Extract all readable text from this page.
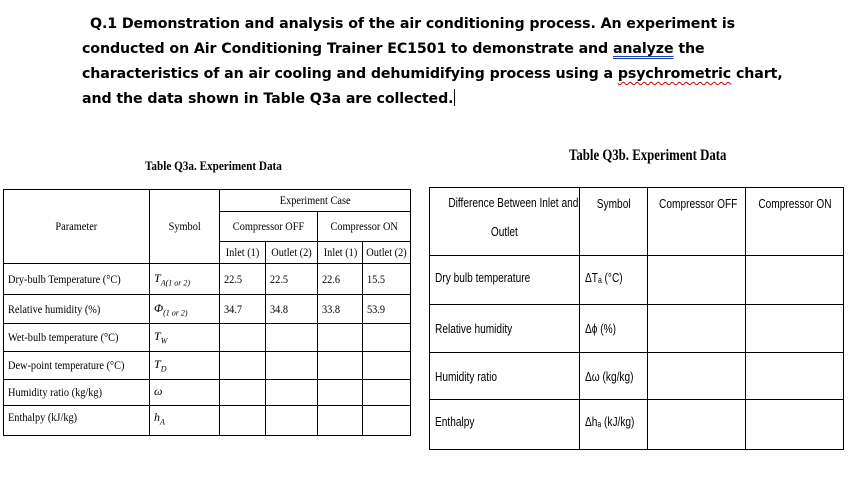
Q.1 Demonstration and analysis of the air conditioning process. An experiment is
conducted on Air Conditioning Trainer EC1501 to demonstrate and analyze the
characteristics of an air cooling and dehumidifying process using a psychrometric chart,
and the data shown in Table Q3a are collected.
Table Q3a. Experiment Data
Table Q3b. Experiment Data
Parameter	Symbol	Experiment Case			
		Compressor OFF		Compressor ON	
		Inlet (1)	Outlet (2)	Inlet (1)	Outlet (2)
Dry-bulb Temperature (°C)	$T_{A(1 or 2)}$	22.5	22.5	22.6	15.5
Relative humidity (%)	$\Phi_{(1 or 2)}$	34.7	34.8	33.8	53.9
Wet-bulb temperature (°C)	$T_W$				
Dew-point temperature (°C)	$T_D$				
Humidity ratio (kg/kg)	ω				
Enthalpy (kJ/kg)	$h_A$				
Difference Between Inlet and
Outlet	Symbol	Compressor OFF	Compressor ON
Dry bulb temperature	ΔTₐ (°C)		
Relative humidity	Δϕ (%)		
Humidity ratio	Δω (kg/kg)		
Enthalpy	Δhₐ (kJ/kg)		
